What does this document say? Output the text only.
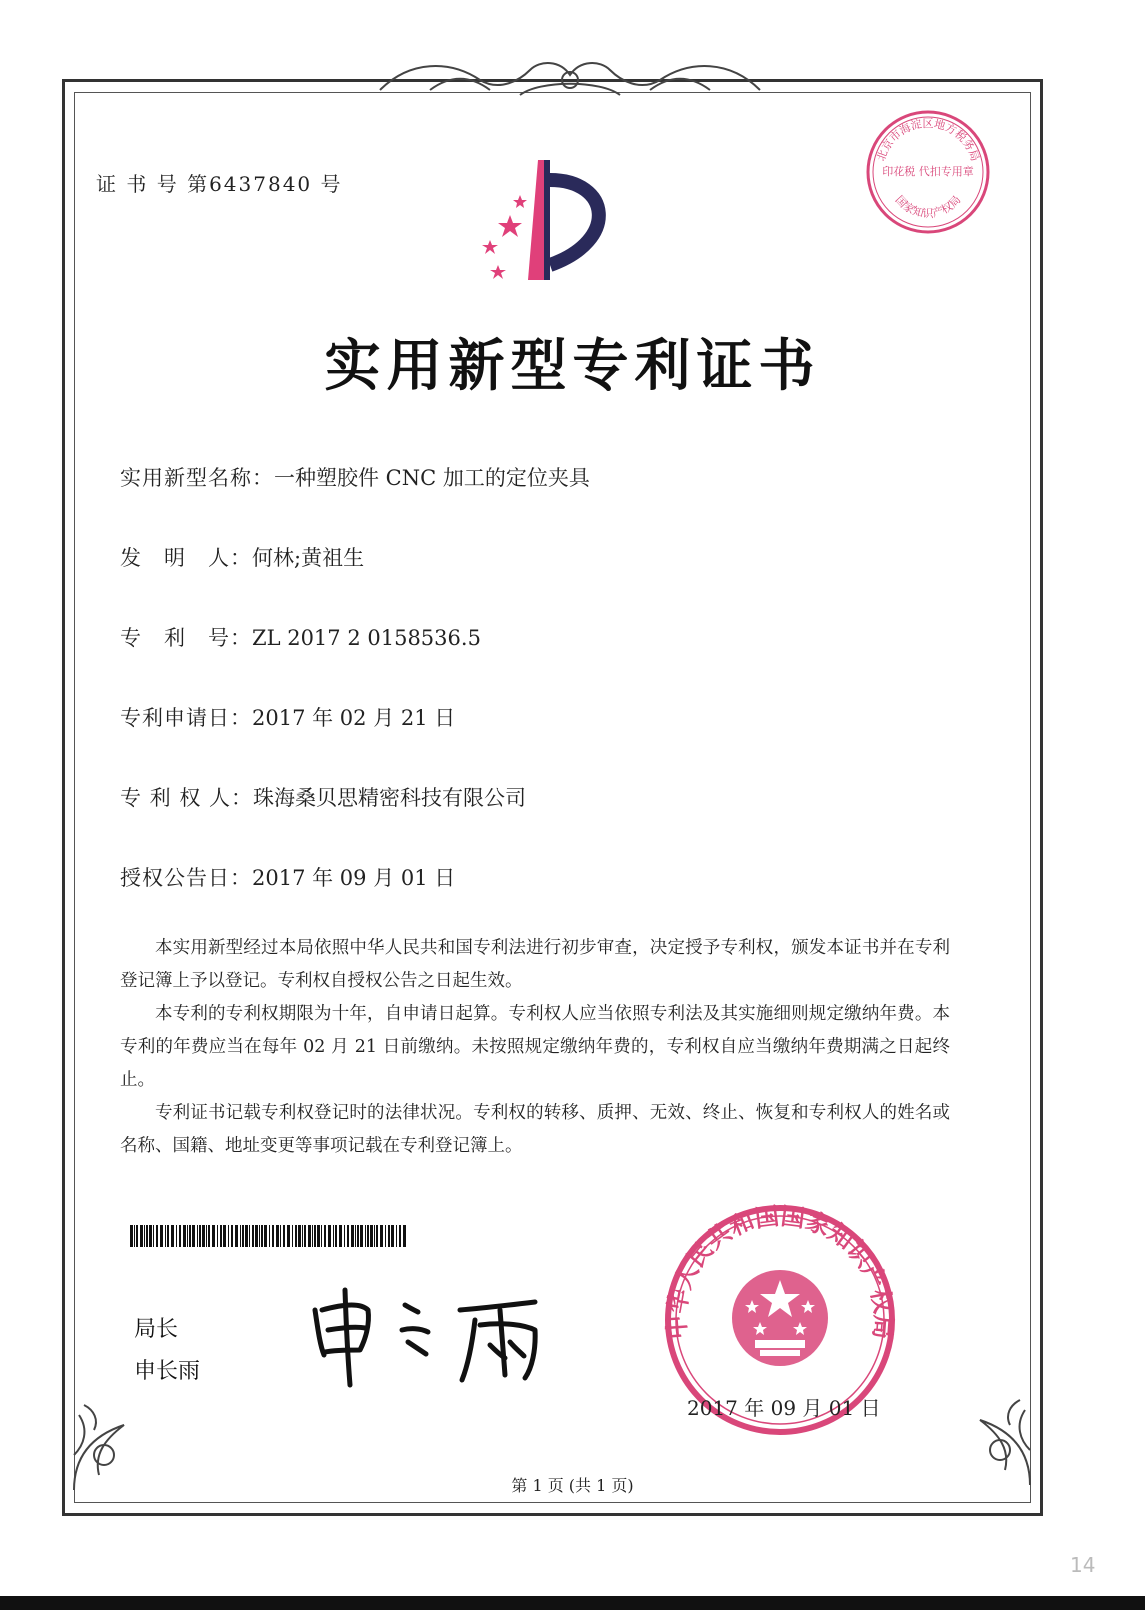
证 书 号 第6437840 号
实用新型专利证书
实用新型名称：一种塑胶件 CNC 加工的定位夹具
发　明　人：何林;黄祖生
专　利　号：ZL 2017 2 0158536.5
专利申请日：2017 年 02 月 21 日
专 利 权 人：珠海桑贝思精密科技有限公司
授权公告日：2017 年 09 月 01 日

本实用新型经过本局依照中华人民共和国专利法进行初步审查，决定授予专利权，颁发本证书并在专利登记簿上予以登记。专利权自授权公告之日起生效。

本专利的专利权期限为十年，自申请日起算。专利权人应当依照专利法及其实施细则规定缴纳年费。本专利的年费应当在每年 02 月 21 日前缴纳。未按照规定缴纳年费的，专利权自应当缴纳年费期满之日起终止。

专利证书记载专利权登记时的法律状况。专利权的转移、质押、无效、终止、恢复和专利权人的姓名或名称、国籍、地址变更等事项记载在专利登记簿上。

局长
申长雨
北京市海淀区地方税务局
国家知识产权局
印花税 代扣专用章
中华人民共和国国家知识产权局
2017 年 09 月 01 日
第 1 页 (共 1 页)
14
